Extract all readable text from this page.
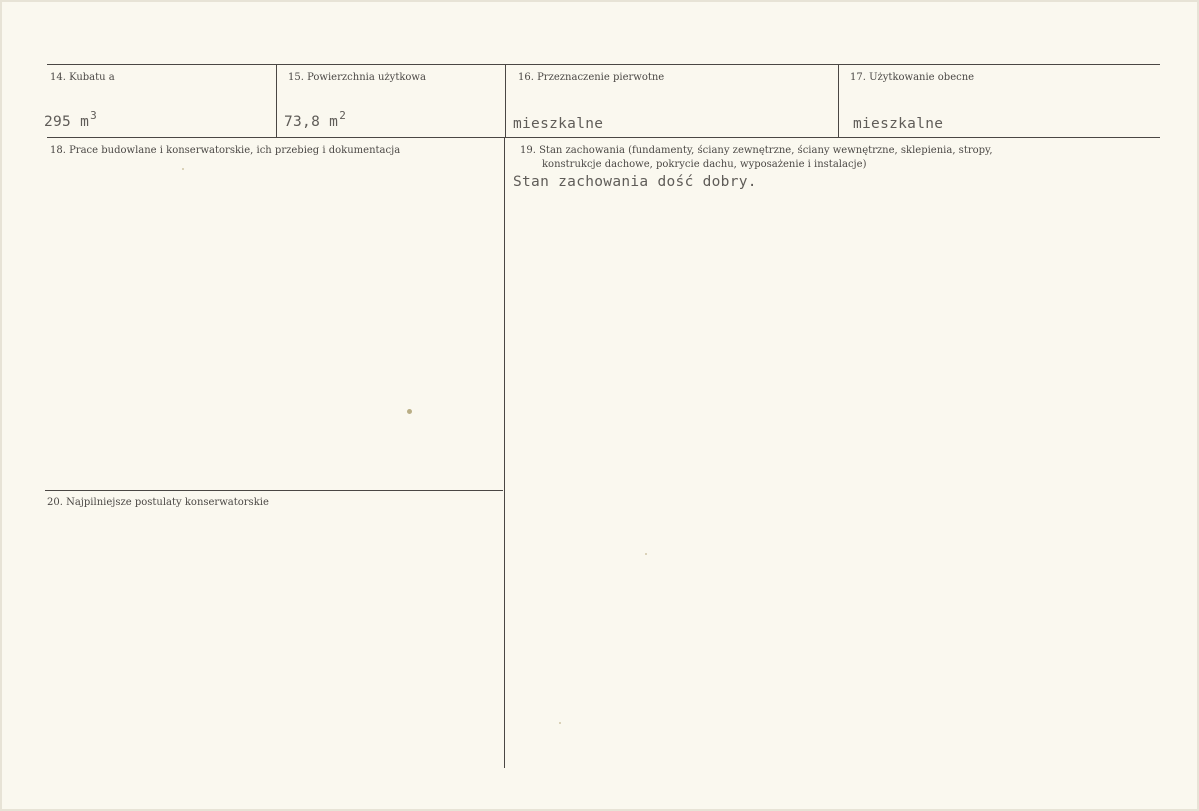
14. Kubatu a
295 $m^3$
15. Powierzchnia użytkowa
73,8 $m^2$
16. Przeznaczenie pierwotne
mieszkalne
17. Użytkowanie obecne
mieszkalne
18. Prace budowlane i konserwatorskie, ich przebieg i dokumentacja	19. Stan zachowania (fundamenty, ściany zewnętrzne, ściany wewnętrzne, sklepienia, stropy,
konstrukcje dachowe, pokrycie dachu, wyposażenie i instalacje)
Stan zachowania dość dobry.
20. Najpilniejsze postulaty konserwatorskie
